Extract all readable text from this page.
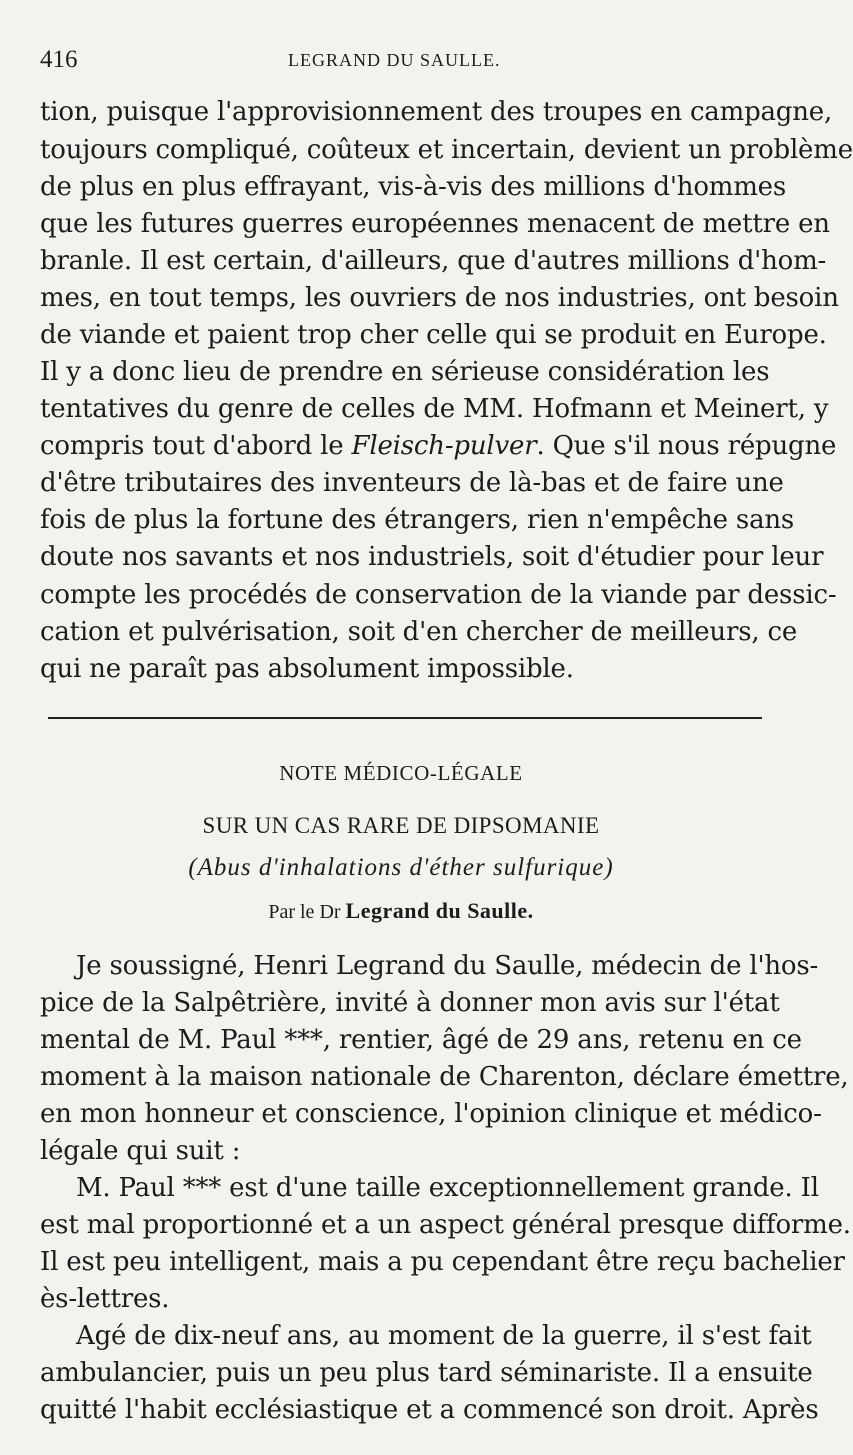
416	LEGRAND DU SAULLE.
tion, puisque l'approvisionnement des troupes en campagne,
toujours compliqué, coûteux et incertain, devient un problème
de plus en plus effrayant, vis-à-vis des millions d'hommes
que les futures guerres européennes menacent de mettre en
branle. Il est certain, d'ailleurs, que d'autres millions d'hom-
mes, en tout temps, les ouvriers de nos industries, ont besoin
de viande et paient trop cher celle qui se produit en Europe.
Il y a donc lieu de prendre en sérieuse considération les
tentatives du genre de celles de MM. Hofmann et Meinert, y
compris tout d'abord le Fleisch-pulver. Que s'il nous répugne
d'être tributaires des inventeurs de là-bas et de faire une
fois de plus la fortune des étrangers, rien n'empêche sans
doute nos savants et nos industriels, soit d'étudier pour leur
compte les procédés de conservation de la viande par dessic-
cation et pulvérisation, soit d'en chercher de meilleurs, ce
qui ne paraît pas absolument impossible.
NOTE MÉDICO-LÉGALE
SUR UN CAS RARE DE DIPSOMANIE
(Abus d'inhalations d'éther sulfurique)
Par le Dr Legrand du Saulle.
Je soussigné, Henri Legrand du Saulle, médecin de l'hos-
pice de la Salpêtrière, invité à donner mon avis sur l'état
mental de M. Paul ***, rentier, âgé de 29 ans, retenu en ce
moment à la maison nationale de Charenton, déclare émettre,
en mon honneur et conscience, l'opinion clinique et médico-
légale qui suit :
M. Paul *** est d'une taille exceptionnellement grande. Il
est mal proportionné et a un aspect général presque difforme.
Il est peu intelligent, mais a pu cependant être reçu bachelier
ès-lettres.
Agé de dix-neuf ans, au moment de la guerre, il s'est fait
ambulancier, puis un peu plus tard séminariste. Il a ensuite
quitté l'habit ecclésiastique et a commencé son droit. Après
